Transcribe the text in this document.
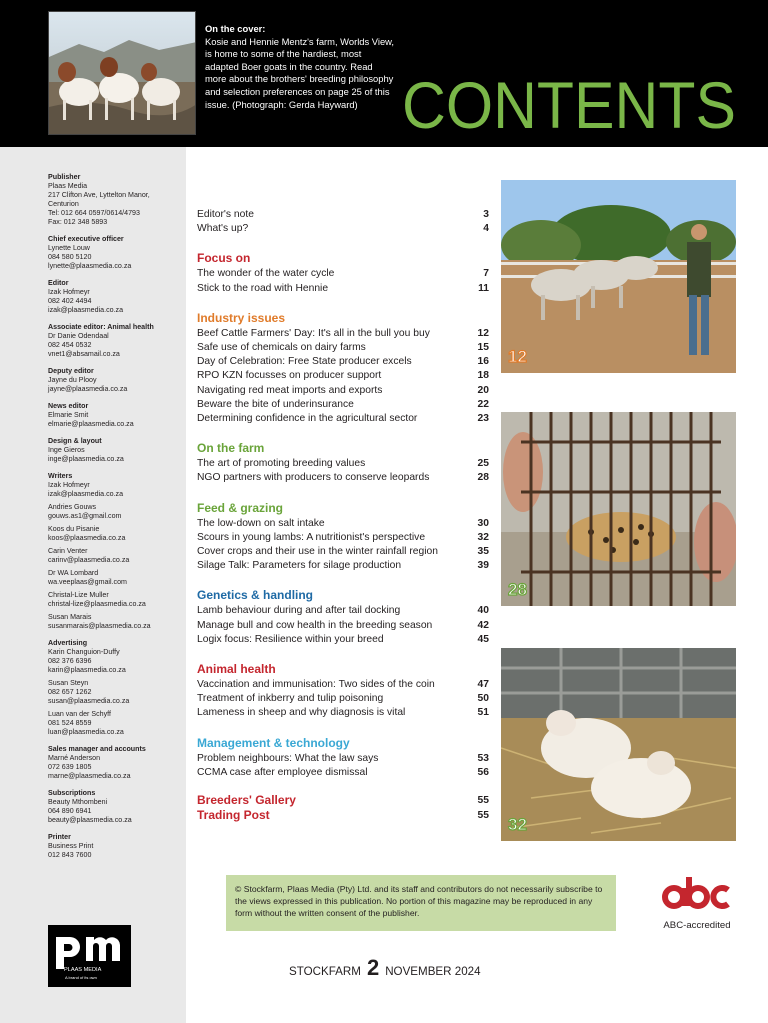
On the cover:
Kosie and Hennie Mentz's farm, Worlds View, is home to some of the hardiest, most adapted Boer goats in the country. Read more about the brothers' breeding philosophy and selection preferences on page 25 of this issue. (Photograph: Gerda Hayward) CONTENTS
Publisher
Plaas Media
217 Clifton Ave, Lyttelton Manor,
Centurion
Tel: 012 664 0597/0614/4793
Fax: 012 348 5893
Chief executive officer
Lynette Louw
084 580 5120
lynette@plaasmedia.co.za
Editor
Izak Hofmeyr
082 402 4494
izak@plaasmedia.co.za
Associate editor: Animal health
Dr Danie Odendaal
082 454 0532
vnet1@absamail.co.za
Deputy editor
Jayne du Plooy
jayne@plaasmedia.co.za
News editor
Elmarie Smit
elmarie@plaasmedia.co.za
Design & layout
Inge Gieros
inge@plaasmedia.co.za
Writers
Izak Hofmeyr
izak@plaasmedia.co.za
Andries Gouws
gouws.as1@gmail.com
Koos du Pisanie
koos@plaasmedia.co.za
Carin Venter
carinv@plaasmedia.co.za
Dr WA Lombard
wa.veeplaas@gmail.com
Christal-Lize Muller
christal-lize@plaasmedia.co.za
Susan Marais
susanmarais@plaasmedia.co.za
Advertising
Karin Changuion-Duffy
082 376 6396
karin@plaasmedia.co.za
Susan Steyn
082 657 1262
susan@plaasmedia.co.za
Luan van der Schyff
081 524 8559
luan@plaasmedia.co.za
Sales manager and accounts
Marné Anderson
072 639 1805
marne@plaasmedia.co.za
Subscriptions
Beauty Mthombeni
064 890 6941
beauty@plaasmedia.co.za
Printer
Business Print
012 843 7600
Editor's note	3
What's up?	4
Focus on
The wonder of the water cycle	7
Stick to the road with Hennie	11
Industry issues
Beef Cattle Farmers' Day: It's all in the bull you buy	12
Safe use of chemicals on dairy farms	15
Day of Celebration: Free State producer excels	16
RPO KZN focusses on producer support	18
Navigating red meat imports and exports	20
Beware the bite of underinsurance	22
Determining confidence in the agricultural sector	23
On the farm
The art of promoting breeding values	25
NGO partners with producers to conserve leopards	28
Feed & grazing
The low-down on salt intake	30
Scours in young lambs: A nutritionist's perspective	32
Cover crops and their use in the winter rainfall region	35
Silage Talk: Parameters for silage production	39
Genetics & handling
Lamb behaviour during and after tail docking	40
Manage bull and cow health in the breeding season	42
Logix focus: Resilience within your breed	45
Animal health
Vaccination and immunisation: Two sides of the coin	47
Treatment of inkberry and tulip poisoning	50
Lameness in sheep and why diagnosis is vital	51
Management & technology
Problem neighbours: What the law says	53
CCMA case after employee dismissal	56
Breeders' Gallery	55
Trading Post	55
12
28
32
PLAAS MEDIA
A brand of its own
© Stockfarm, Plaas Media (Pty) Ltd. and its staff and contributors do not necessarily subscribe to the views expressed in this publication. No portion of this magazine may be reproduced in any form without the written consent of the publisher.
ABC-accredited
STOCKFARM 2 NOVEMBER 2024
